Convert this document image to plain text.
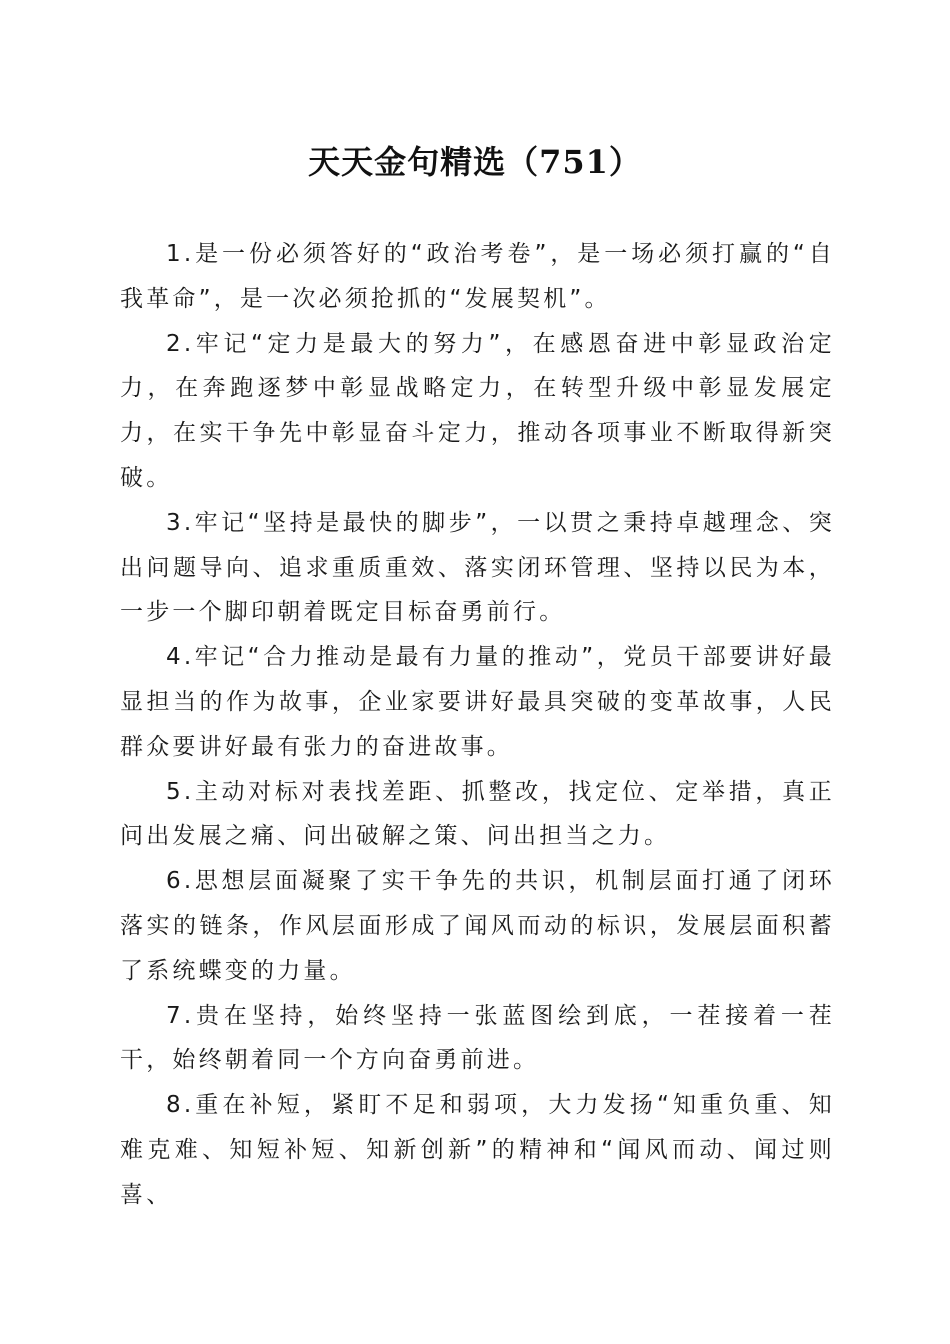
天天金句精选（751）

1.是一份必须答好的“政治考卷”，是一场必须打赢的“自我革命”，是一次必须抢抓的“发展契机”。

2.牢记“定力是最大的努力”，在感恩奋进中彰显政治定力，在奔跑逐梦中彰显战略定力，在转型升级中彰显发展定力，在实干争先中彰显奋斗定力，推动各项事业不断取得新突破。

3.牢记“坚持是最快的脚步”，一以贯之秉持卓越理念、突出问题导向、追求重质重效、落实闭环管理、坚持以民为本，一步一个脚印朝着既定目标奋勇前行。

4.牢记“合力推动是最有力量的推动”，党员干部要讲好最显担当的作为故事，企业家要讲好最具突破的变革故事，人民群众要讲好最有张力的奋进故事。

5.主动对标对表找差距、抓整改，找定位、定举措，真正问出发展之痛、问出破解之策、问出担当之力。

6.思想层面凝聚了实干争先的共识，机制层面打通了闭环落实的链条，作风层面形成了闻风而动的标识，发展层面积蓄了系统蝶变的力量。

7.贵在坚持，始终坚持一张蓝图绘到底，一茬接着一茬干，始终朝着同一个方向奋勇前进。

8.重在补短，紧盯不足和弱项，大力发扬“知重负重、知难克难、知短补短、知新创新”的精神和“闻风而动、闻过则喜、
